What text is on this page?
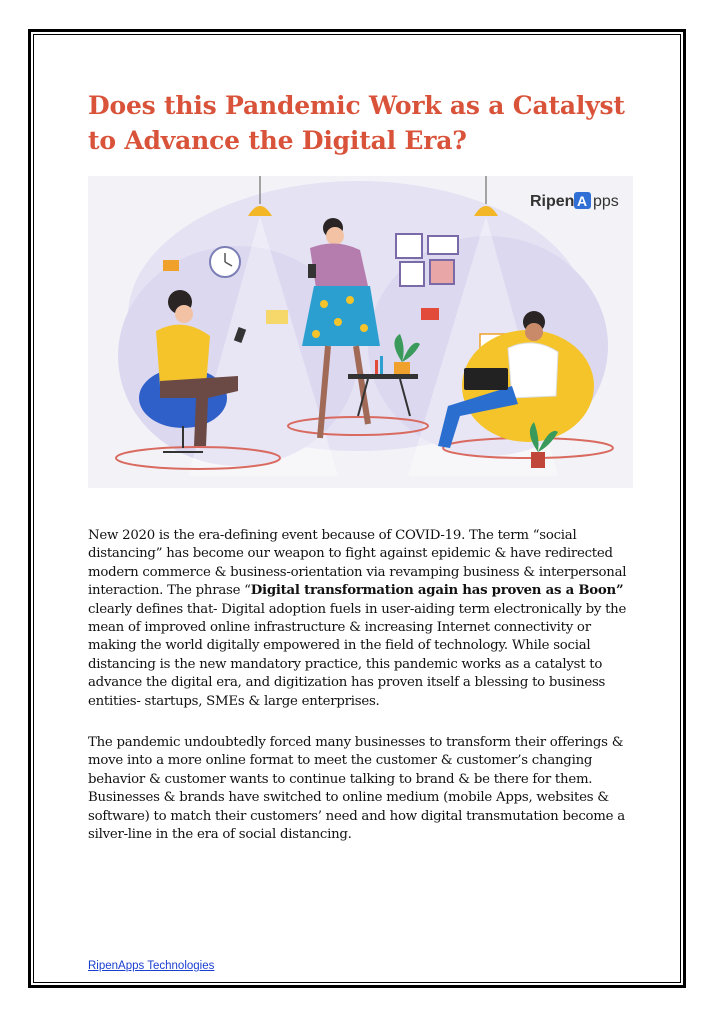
Does this Pandemic Work as a Catalyst to Advance the Digital Era?
Ripen A pps

New 2020 is the era-defining event because of COVID-19. The term “social distancing” has become our weapon to fight against epidemic & have redirected modern commerce & business-orientation via revamping business & interpersonal interaction. The phrase “Digital transformation again has proven as a Boon” clearly defines that- Digital adoption fuels in user-aiding term electronically by the mean of improved online infrastructure & increasing Internet connectivity or making the world digitally empowered in the field of technology. While social distancing is the new mandatory practice, this pandemic works as a catalyst to advance the digital era, and digitization has proven itself a blessing to business entities- startups, SMEs & large enterprises.

The pandemic undoubtedly forced many businesses to transform their offerings & move into a more online format to meet the customer & customer’s changing behavior & customer wants to continue talking to brand & be there for them. Businesses & brands have switched to online medium (mobile Apps, websites & software) to match their customers’ need and how digital transmutation become a silver-line in the era of social distancing.

RipenApps Technologies
